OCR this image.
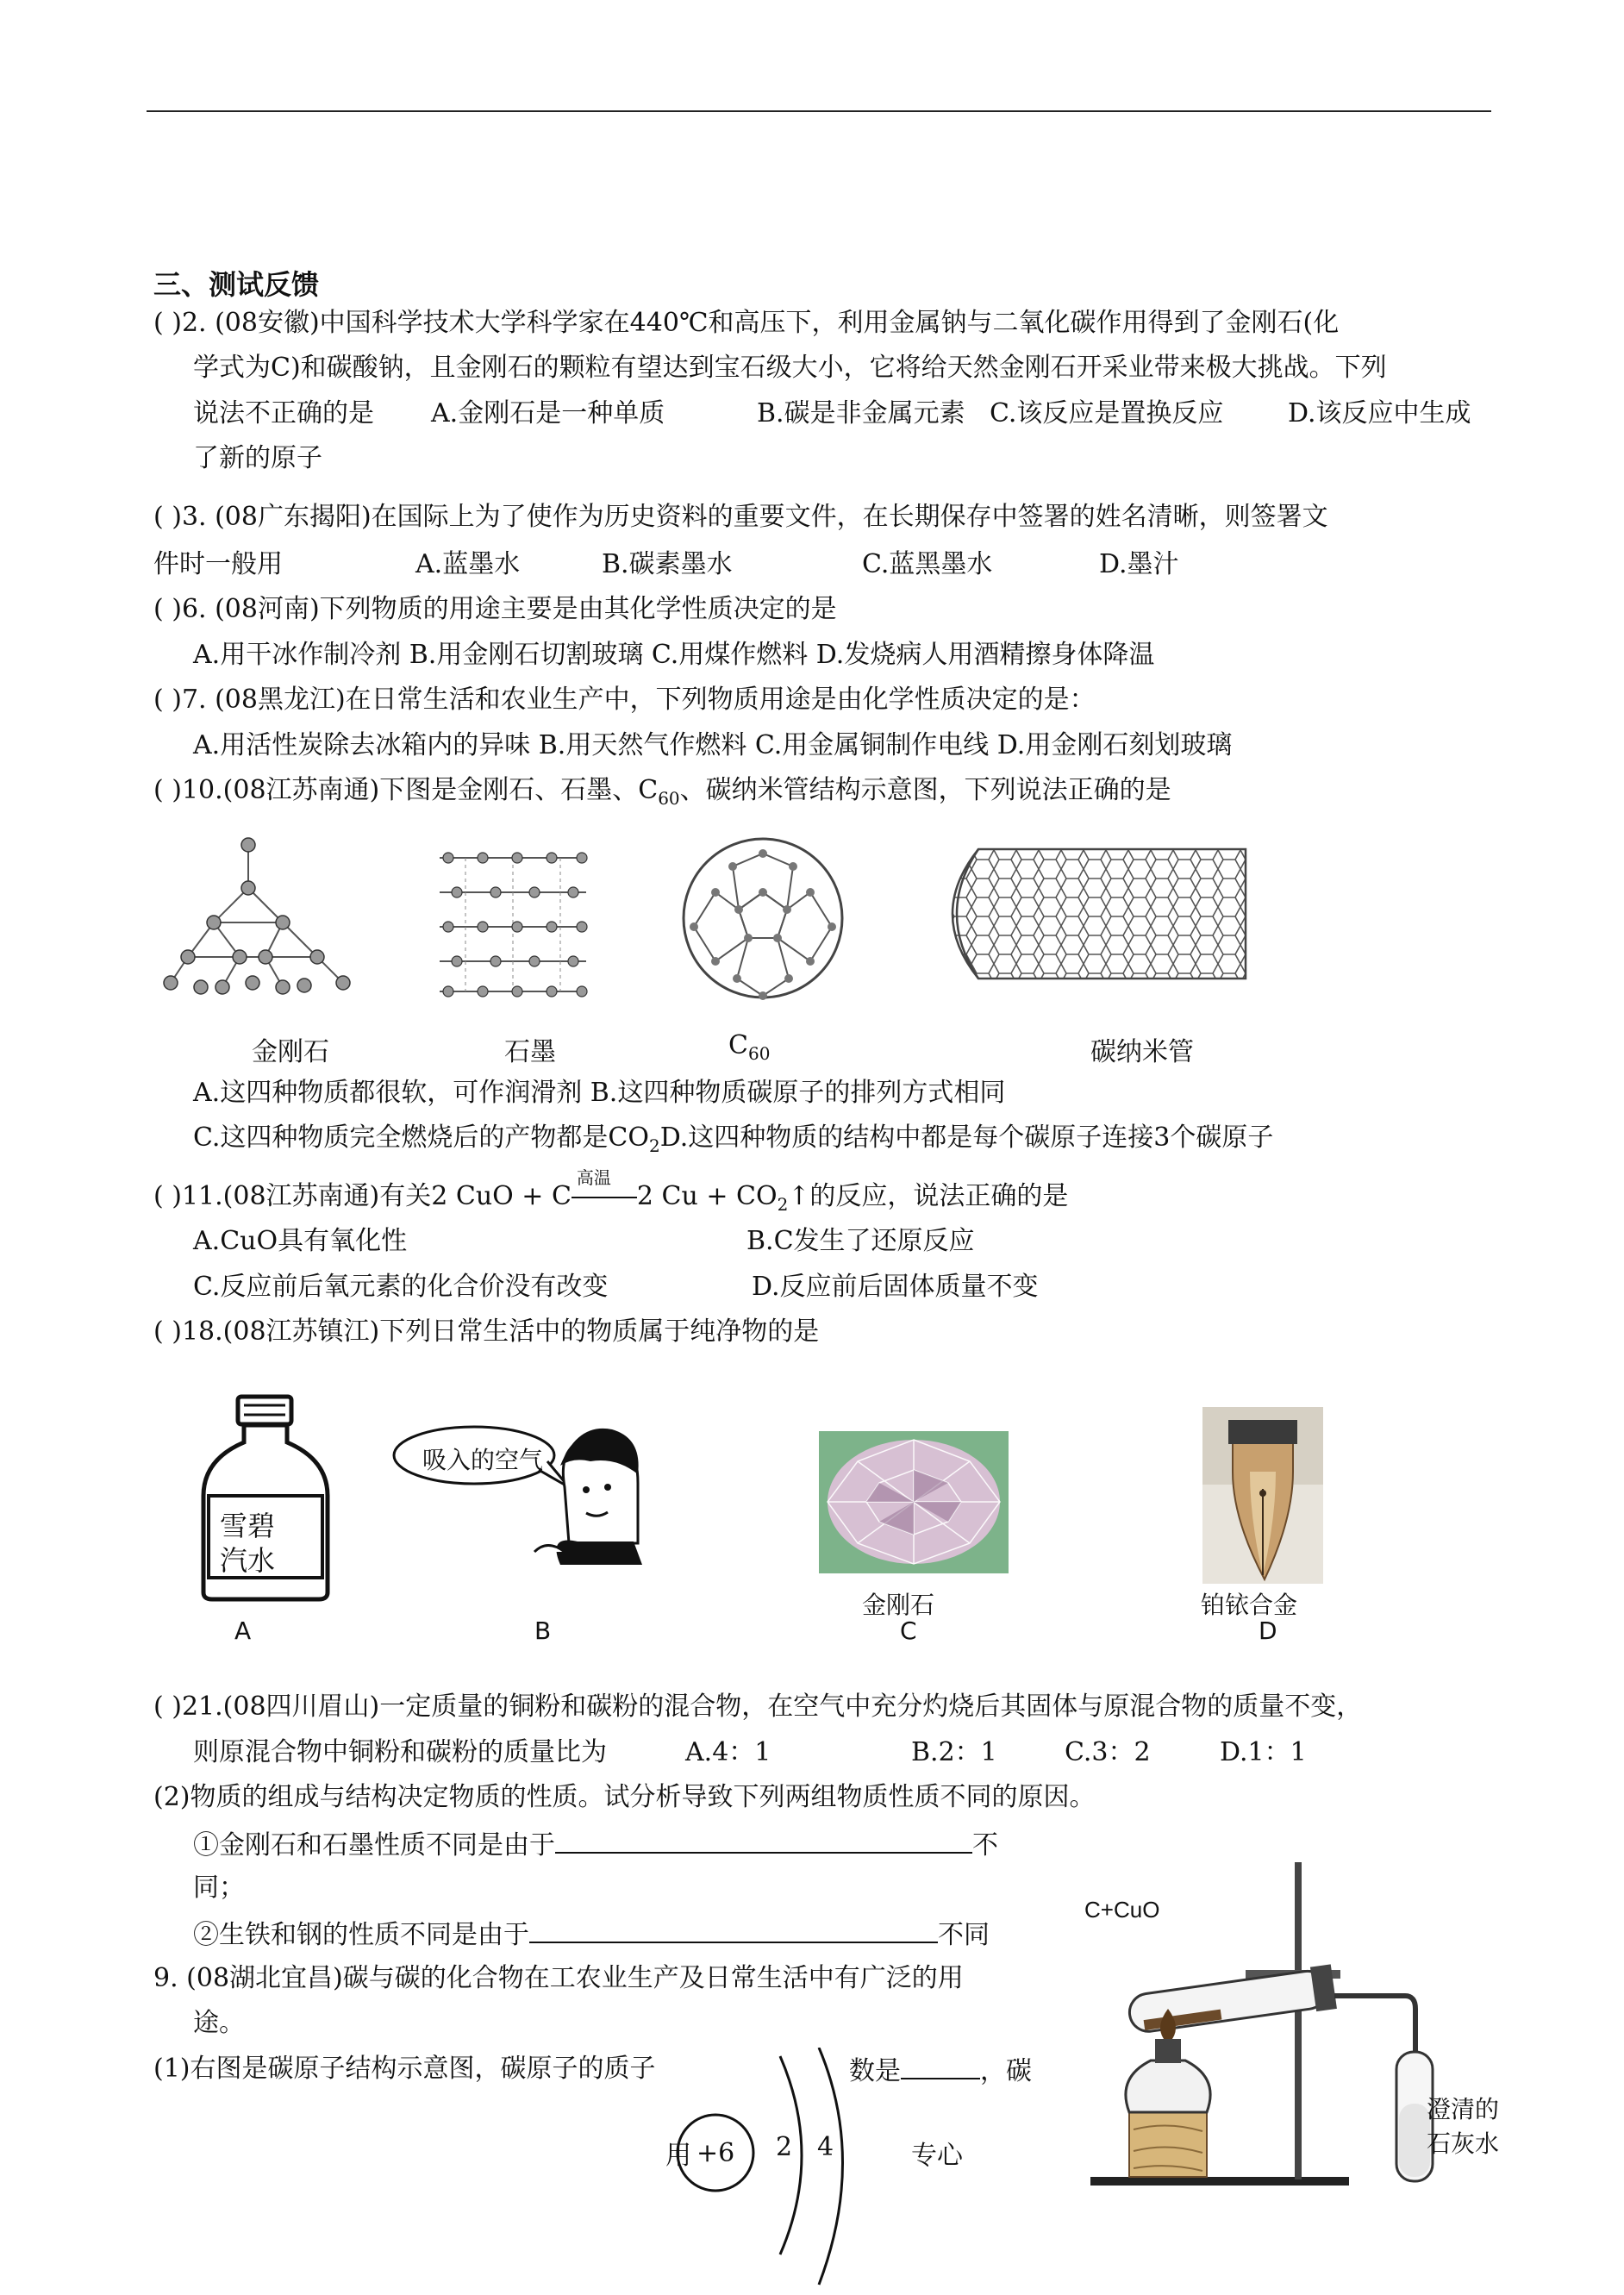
三、测试反馈
( )2. (08安徽)中国科学技术大学科学家在440℃和高压下，利用金属钠与二氧化碳作用得到了金刚石(化
学式为C)和碳酸钠，且金刚石的颗粒有望达到宝石级大小，它将给天然金刚石开采业带来极大挑战。下列
说法不正确的是 A.金刚石是一种单质	B.碳是非金属元素 C.该反应是置换反应 D.该反应中生成
了新的原子
( )3. (08广东揭阳)在国际上为了使作为历史资料的重要文件，在长期保存中签署的姓名清晰，则签署文
件时一般用	A.蓝墨水	B.碳素墨水	C.蓝黑墨水	D.墨汁
( )6. (08河南)下列物质的用途主要是由其化学性质决定的是
A.用干冰作制冷剂 B.用金刚石切割玻璃 C.用煤作燃料 D.发烧病人用酒精擦身体降温
( )7. (08黑龙江)在日常生活和农业生产中，下列物质用途是由化学性质决定的是：
A.用活性炭除去冰箱内的异味 B.用天然气作燃料 C.用金属铜制作电线 D.用金刚石刻划玻璃
( )10.(08江苏南通)下图是金刚石、石墨、$C_{60}$、碳纳米管结构示意图，下列说法正确的是
金刚石	石墨	$C_{60}$	碳纳米管
A.这四种物质都很软，可作润滑剂 B.这四种物质碳原子的排列方式相同
C.这四种物质完全燃烧后的产物都是$CO_2D$.这四种物质的结构中都是每个碳原子连接3个碳原子
( )11.(08江苏南通)有关2 CuO + C
高温
2 $Cu + CO_2↑$的反应，说法正确的是
A.CuO具有氧化性	B.C发生了还原反应
C.反应前后氧元素的化合价没有改变	D.反应前后固体质量不变
( )18.(08江苏镇江)下列日常生活中的物质属于纯净物的是
雪碧
汽水
吸入的空气
金刚石	铂铱合金
A	B	C	D
( )21.(08四川眉山)一定质量的铜粉和碳粉的混合物，在空气中充分灼烧后其固体与原混合物的质量不变，
则原混合物中铜粉和碳粉的质量比为	A.4：1	B.2：1	C.3：2	D.1：1
(2)物质的组成与结构决定物质的性质。试分析导致下列两组物质性质不同的原因。
①金刚石和石墨性质不同是由于	不
同；
②生铁和钢的性质不同是由于	不同
9. (08湖北宜昌)碳与碳的化合物在工农业生产及日常生活中有广泛的用
途。
(1)右图是碳原子结构示意图，碳原子的质子	数是	，碳
用 +6 2 4	专心
C+CuO
澄清的
石灰水
